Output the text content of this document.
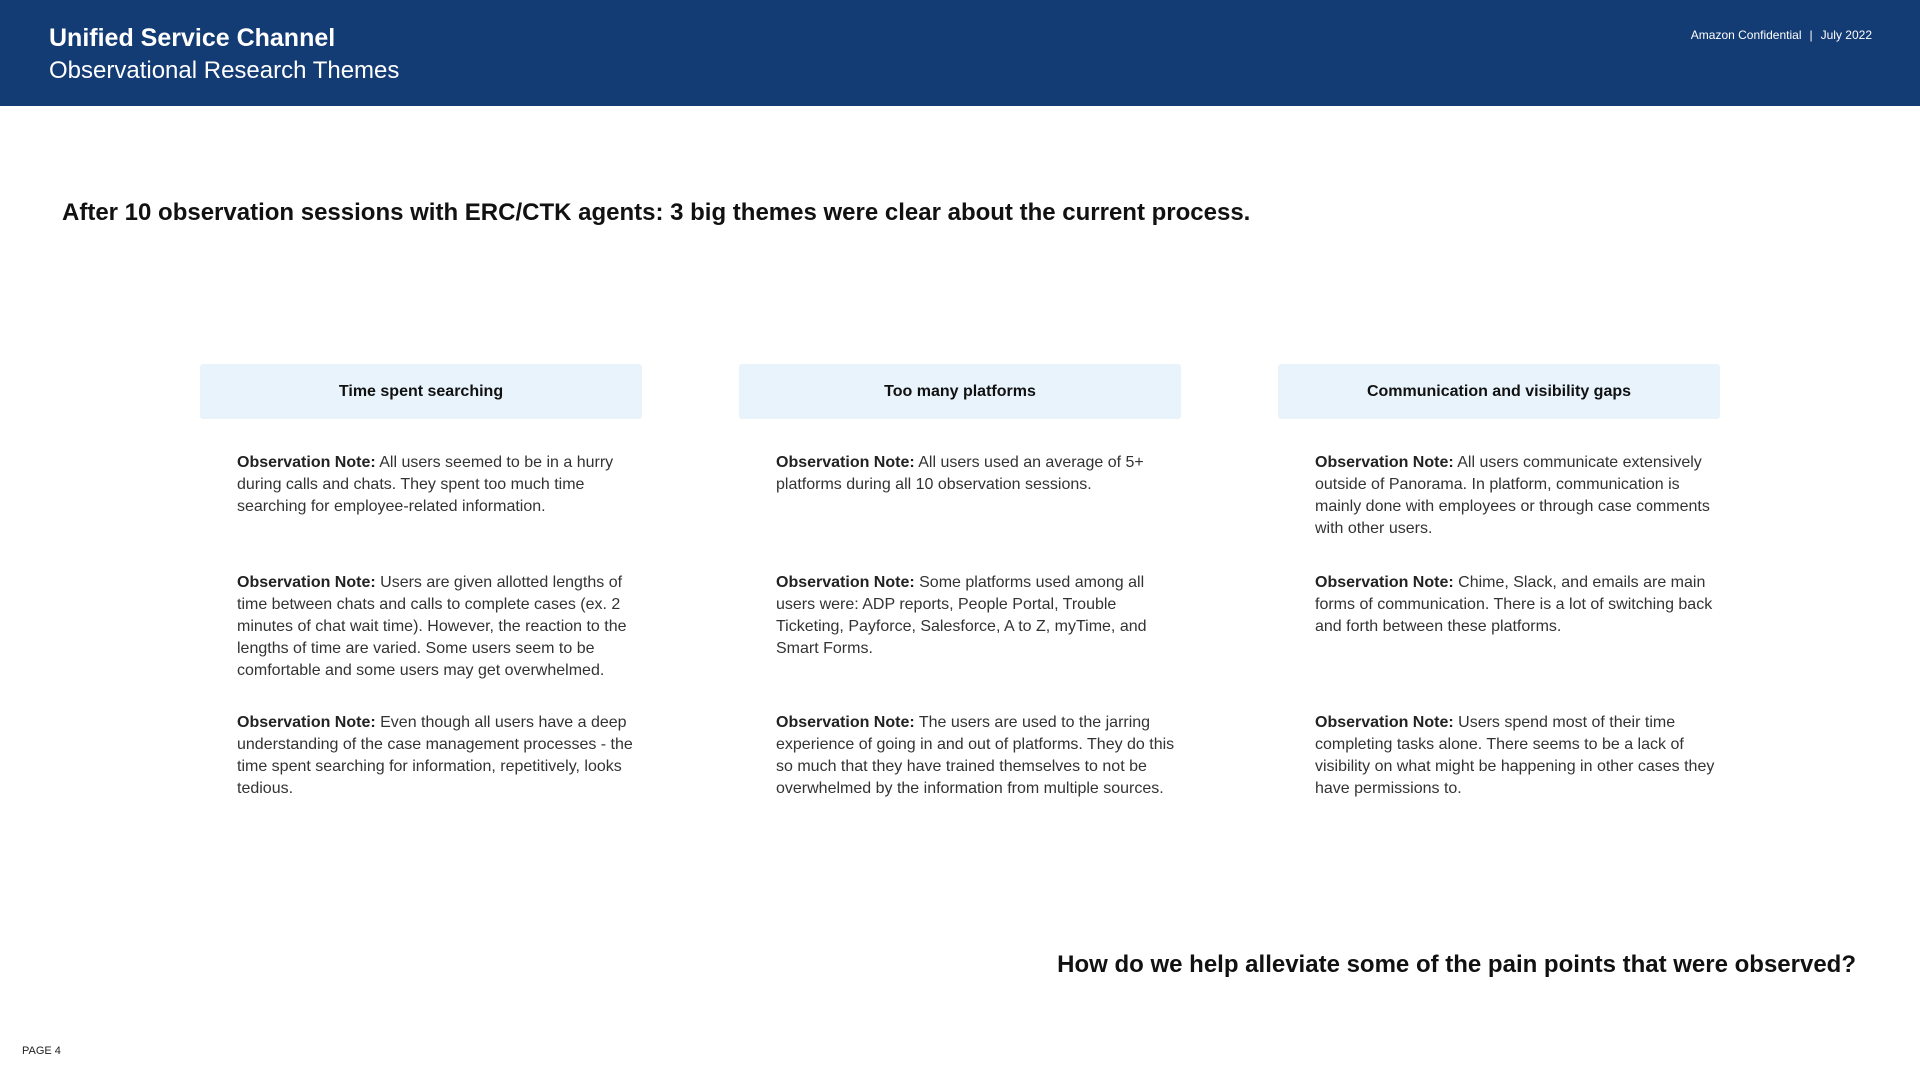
Unified Service Channel
Observational Research Themes
Amazon Confidential | July 2022
After 10 observation sessions with ERC/CTK agents: 3 big themes were clear about the current process.
Time spent searching
Observation Note: All users seemed to be in a hurry during calls and chats. They spent too much time searching for employee-related information.
Observation Note: Users are given allotted lengths of time between chats and calls to complete cases (ex. 2 minutes of chat wait time). However, the reaction to the lengths of time are varied. Some users seem to be comfortable and some users may get overwhelmed.
Observation Note: Even though all users have a deep understanding of the case management processes - the time spent searching for information, repetitively, looks tedious.
Too many platforms
Observation Note: All users used an average of 5+ platforms during all 10 observation sessions.
Observation Note: Some platforms used among all users were: ADP reports, People Portal, Trouble Ticketing, Payforce, Salesforce, A to Z, myTime, and Smart Forms.
Observation Note: The users are used to the jarring experience of going in and out of platforms. They do this so much that they have trained themselves to not be overwhelmed by the information from multiple sources.
Communication and visibility gaps
Observation Note: All users communicate extensively outside of Panorama. In platform, communication is mainly done with employees or through case comments with other users.
Observation Note: Chime, Slack, and emails are main forms of communication. There is a lot of switching back and forth between these platforms.
Observation Note: Users spend most of their time completing tasks alone. There seems to be a lack of visibility on what might be happening in other cases they have permissions to.
How do we help alleviate some of the pain points that were observed?
PAGE 4
